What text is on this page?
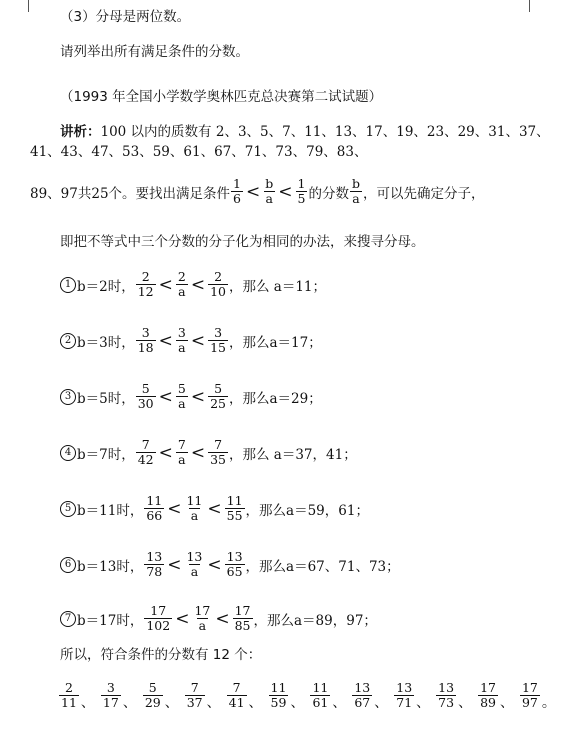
（3）分母是两位数。
请列举出所有满足条件的分数。
（1993 年全国小学数学奥林匹克总决赛第二试试题）
讲析：100 以内的质数有 2、3、5、7、11、13、17、19、23、29、31、37、
41、43、47、53、59、61、67、71、73、79、83、
89、97共25个。要找出满足条件 $\frac{1}{6} < \frac{b}{a} < \frac{1}{5}$ 的分数 $\frac{b}{a}$ ，可以先确定分子，
即把不等式中三个分数的分子化为相同的办法，来搜寻分母。
1 b＝2时， $\frac{2}{12} < \frac{2}{a} < \frac{2}{10}$ ，那么 a＝11；
2 b＝3时， $\frac{3}{18} < \frac{3}{a} < \frac{3}{15}$ ，那么a＝17；
3 b＝5时， $\frac{5}{30} < \frac{5}{a} < \frac{5}{25}$ ，那么a＝29；
4 b＝7时， $\frac{7}{42} < \frac{7}{a} < \frac{7}{35}$ ，那么 a＝37，41；
5 b＝11时， $\frac{11}{66} < \frac{11}{a} < \frac{11}{55}$ ，那么a＝59，61；
6 b＝13时， $\frac{13}{78} < \frac{13}{a} < \frac{13}{65}$ ，那么a＝67、71、73；
7 b＝17时， $\frac{17}{102} < \frac{17}{a} < \frac{17}{85}$ ，那么a＝89，97；
所以，符合条件的分数有 12 个：
$\frac{2}{11}$ 、 $\frac{3}{17}$ 、 $\frac{5}{29}$ 、 $\frac{7}{37}$ 、 $\frac{7}{41}$ 、 $\frac{11}{59}$ 、 $\frac{11}{61}$ 、 $\frac{13}{67}$ 、 $\frac{13}{71}$ 、 $\frac{13}{73}$ 、 $\frac{17}{89}$ 、 $\frac{17}{97}$ 。
